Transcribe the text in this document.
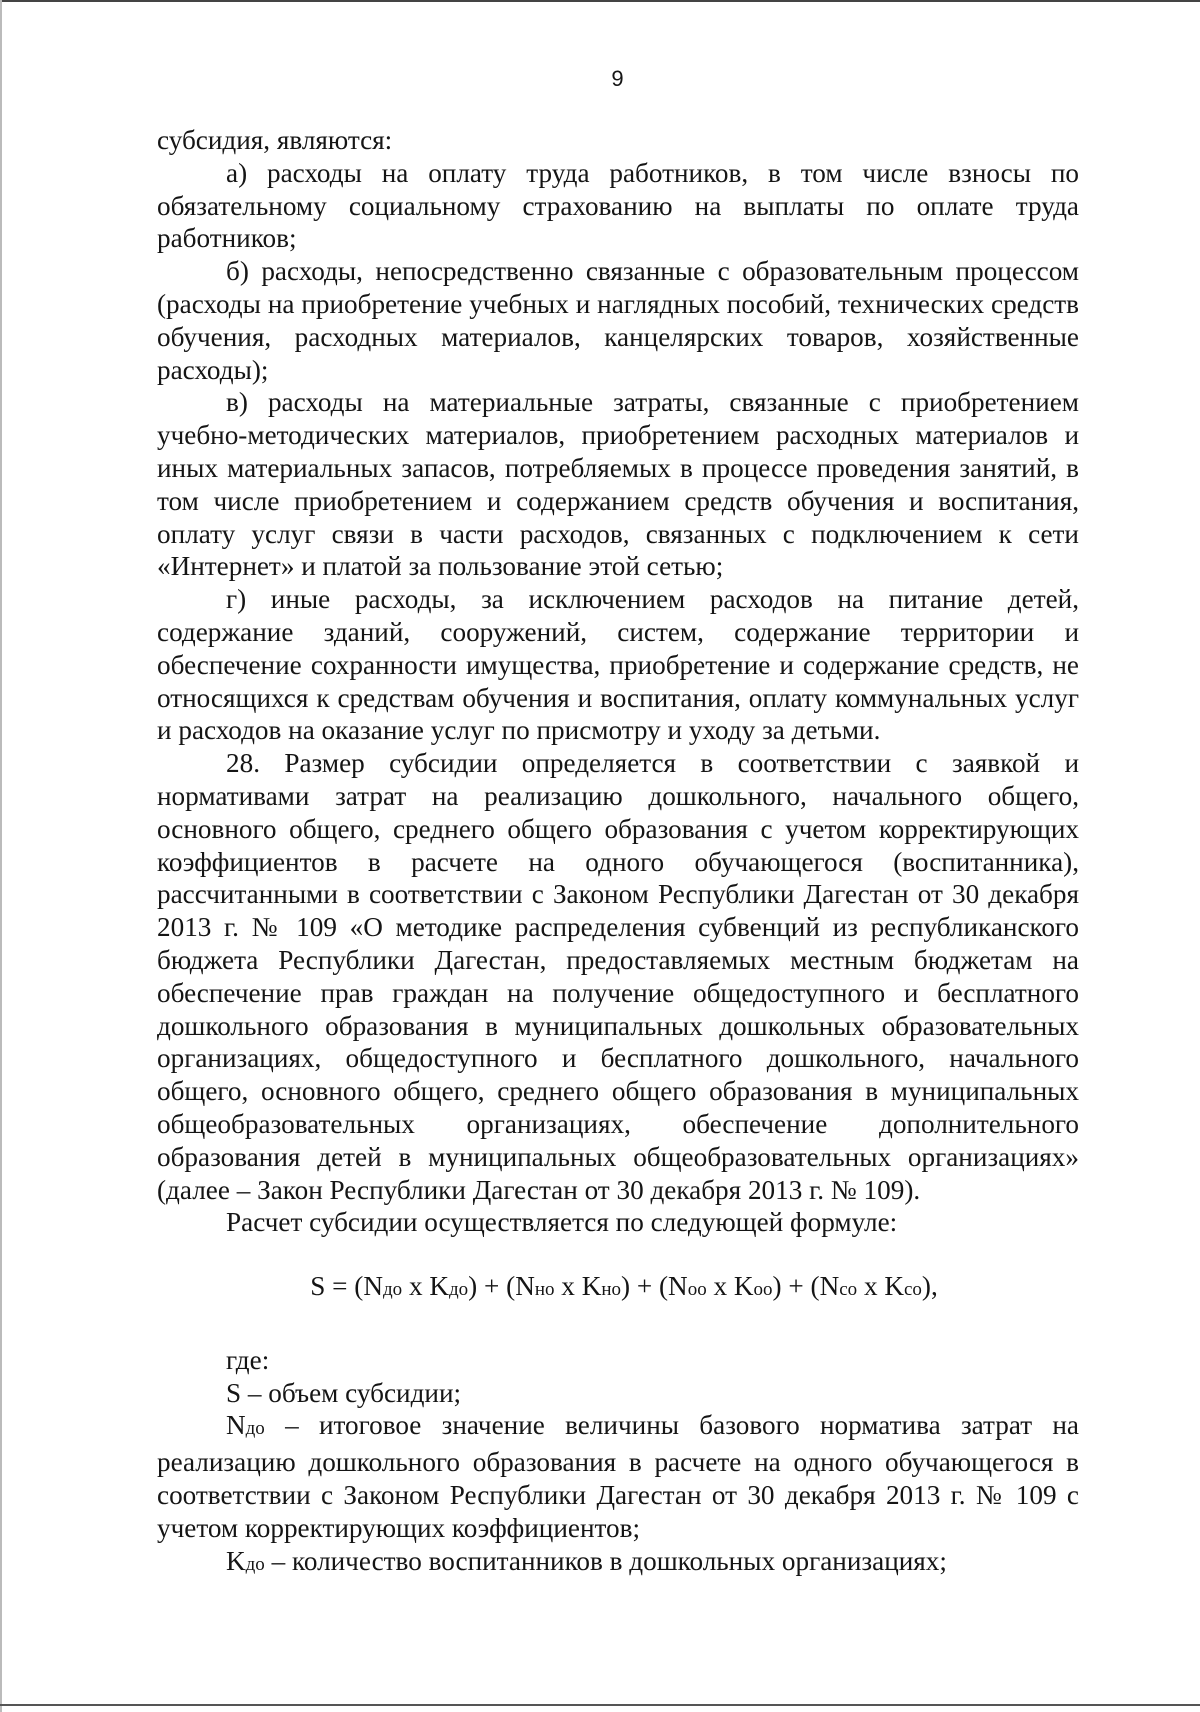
9

субсидия, являются:

а) расходы на оплату труда работников, в том числе взносы по обязательному социальному страхованию на выплаты по оплате труда работников;

б) расходы, непосредственно связанные с образовательным процессом (расходы на приобретение учебных и наглядных пособий, технических средств обучения, расходных материалов, канцелярских товаров, хозяйственные расходы);

в) расходы на материальные затраты, связанные с приобретением учебно-методических материалов, приобретением расходных материалов и иных материальных запасов, потребляемых в процессе проведения занятий, в том числе приобретением и содержанием средств обучения и воспитания, оплату услуг связи в части расходов, связанных с подключением к сети «Интернет» и платой за пользование этой сетью;

г) иные расходы, за исключением расходов на питание детей, содержание зданий, сооружений, систем, содержание территории и обеспечение сохранности имущества, приобретение и содержание средств, не относящихся к средствам обучения и воспитания, оплату коммунальных услуг и расходов на оказание услуг по присмотру и уходу за детьми.

28. Размер субсидии определяется в соответствии с заявкой и нормативами затрат на реализацию дошкольного, начального общего, основного общего, среднего общего образования с учетом корректирующих коэффициентов в расчете на одного обучающегося (воспитанника), рассчитанными в соответствии с Законом Республики Дагестан от 30 декабря 2013 г. № 109 «О методике распределения субвенций из республиканского бюджета Республики Дагестан, предоставляемых местным бюджетам на обеспечение прав граждан на получение общедоступного и бесплатного дошкольного образования в муниципальных дошкольных образовательных организациях, общедоступного и бесплатного дошкольного, начального общего, основного общего, среднего общего образования в муниципальных общеобразовательных организациях, обеспечение дополнительного образования детей в муниципальных общеобразовательных организациях» (далее – Закон Республики Дагестан от 30 декабря 2013 г. № 109).

Расчет субсидии осуществляется по следующей формуле:

S = (Nдо x Kдо) + (Nно x Kно) + (Nоо x Kоо) + (Nсо x Kсо),

где:

S – объем субсидии;

Nдо – итоговое значение величины базового норматива затрат на реализацию дошкольного образования в расчете на одного обучающегося в соответствии с Законом Республики Дагестан от 30 декабря 2013 г. № 109 с учетом корректирующих коэффициентов;

Kдо – количество воспитанников в дошкольных организациях;
